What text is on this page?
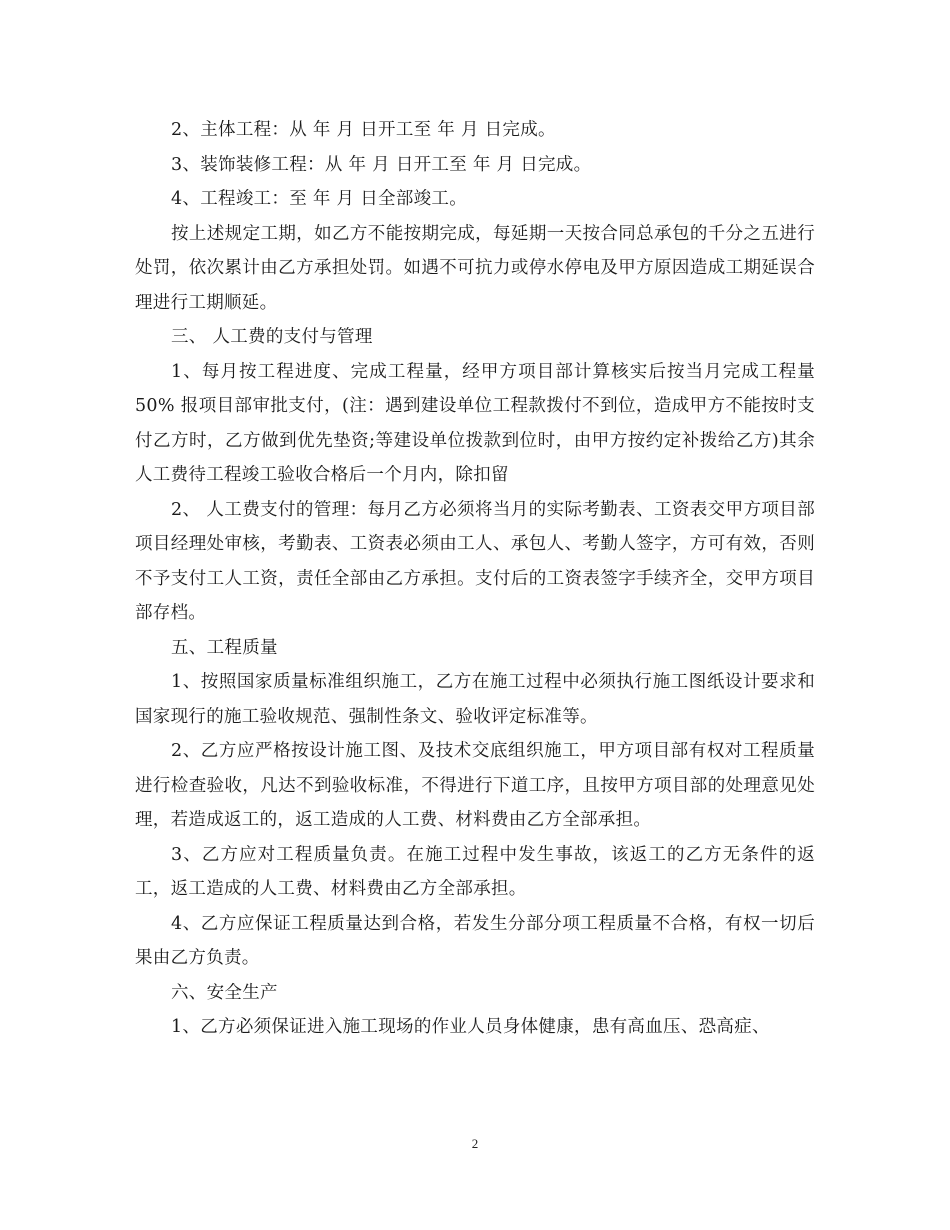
2、主体工程：从 年 月 日开工至 年 月 日完成。

3、装饰装修工程：从 年 月 日开工至 年 月 日完成。

4、工程竣工：至 年 月 日全部竣工。

按上述规定工期，如乙方不能按期完成，每延期一天按合同总承包的千分之五进行处罚，依次累计由乙方承担处罚。如遇不可抗力或停水停电及甲方原因造成工期延误合理进行工期顺延。

三、 人工费的支付与管理

1、每月按工程进度、完成工程量，经甲方项目部计算核实后按当月完成工程量 50% 报项目部审批支付，(注：遇到建设单位工程款拨付不到位，造成甲方不能按时支付乙方时，乙方做到优先垫资;等建设单位拨款到位时，由甲方按约定补拨给乙方)其余人工费待工程竣工验收合格后一个月内，除扣留

2、 人工费支付的管理：每月乙方必须将当月的实际考勤表、工资表交甲方项目部项目经理处审核，考勤表、工资表必须由工人、承包人、考勤人签字，方可有效，否则不予支付工人工资，责任全部由乙方承担。支付后的工资表签字手续齐全，交甲方项目部存档。

五、工程质量

1、按照国家质量标准组织施工，乙方在施工过程中必须执行施工图纸设计要求和国家现行的施工验收规范、强制性条文、验收评定标准等。

2、乙方应严格按设计施工图、及技术交底组织施工，甲方项目部有权对工程质量进行检查验收，凡达不到验收标准，不得进行下道工序，且按甲方项目部的处理意见处理，若造成返工的，返工造成的人工费、材料费由乙方全部承担。

3、乙方应对工程质量负责。在施工过程中发生事故，该返工的乙方无条件的返工，返工造成的人工费、材料费由乙方全部承担。

4、乙方应保证工程质量达到合格，若发生分部分项工程质量不合格，有权一切后果由乙方负责。

六、安全生产

1、乙方必须保证进入施工现场的作业人员身体健康，患有高血压、恐高症、

2
